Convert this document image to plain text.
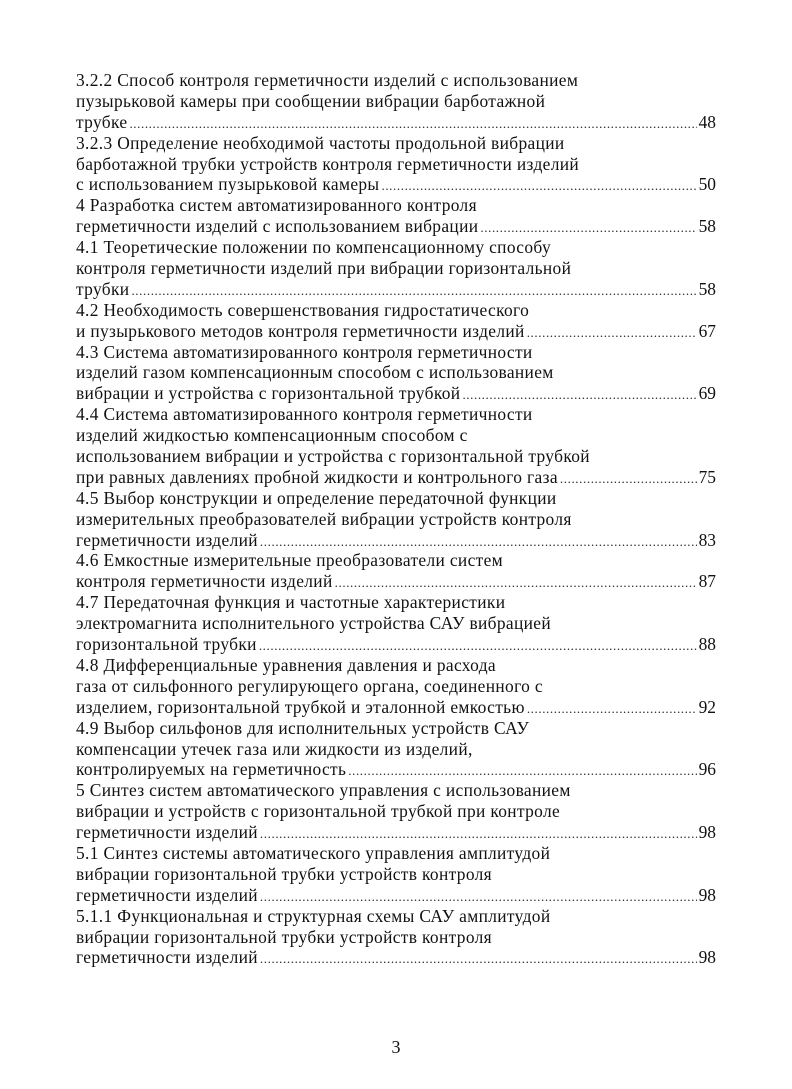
3.2.2 Способ контроля герметичности изделий с использованием
пузырьковой камеры при сообщении вибрации барботажной
трубке .....	48
3.2.3 Определение необходимой частоты продольной вибрации
барботажной трубки устройств контроля герметичности изделий
с использованием пузырьковой камеры .....	50
4 Разработка систем автоматизированного контроля
герметичности изделий с использованием вибрации .....	58
4.1 Теоретические положении по компенсационному способу
контроля герметичности изделий при вибрации горизонтальной
трубки .....	58
4.2 Необходимость совершенствования гидростатического
и пузырькового методов контроля герметичности изделий .....	67
4.3 Система автоматизированного контроля герметичности
изделий газом компенсационным способом с использованием
вибрации и устройства с горизонтальной трубкой .....	69
4.4 Система автоматизированного контроля герметичности
изделий жидкостью компенсационным способом с
использованием вибрации и устройства с горизонтальной трубкой
при равных давлениях пробной жидкости и контрольного газа .....	75
4.5 Выбор конструкции и определение передаточной функции
измерительных преобразователей вибрации устройств контроля
герметичности изделий .....	83
4.6 Емкостные измерительные преобразователи систем
контроля герметичности изделий .....	87
4.7 Передаточная функция и частотные характеристики
электромагнита исполнительного устройства САУ вибрацией
горизонтальной трубки .....	88
4.8 Дифференциальные уравнения давления и расхода
газа от сильфонного регулирующего органа, соединенного с
изделием, горизонтальной трубкой и эталонной емкостью .....	92
4.9 Выбор сильфонов для исполнительных устройств САУ
компенсации утечек газа или жидкости из изделий,
контролируемых на герметичность .....	96
5 Синтез систем автоматического управления с использованием
вибрации и устройств с горизонтальной трубкой при контроле
герметичности изделий .....	98
5.1 Синтез системы автоматического управления амплитудой
вибрации горизонтальной трубки устройств контроля
герметичности изделий .....	98
5.1.1 Функциональная и структурная схемы САУ амплитудой
вибрации горизонтальной трубки устройств контроля
герметичности изделий .....	98
3
